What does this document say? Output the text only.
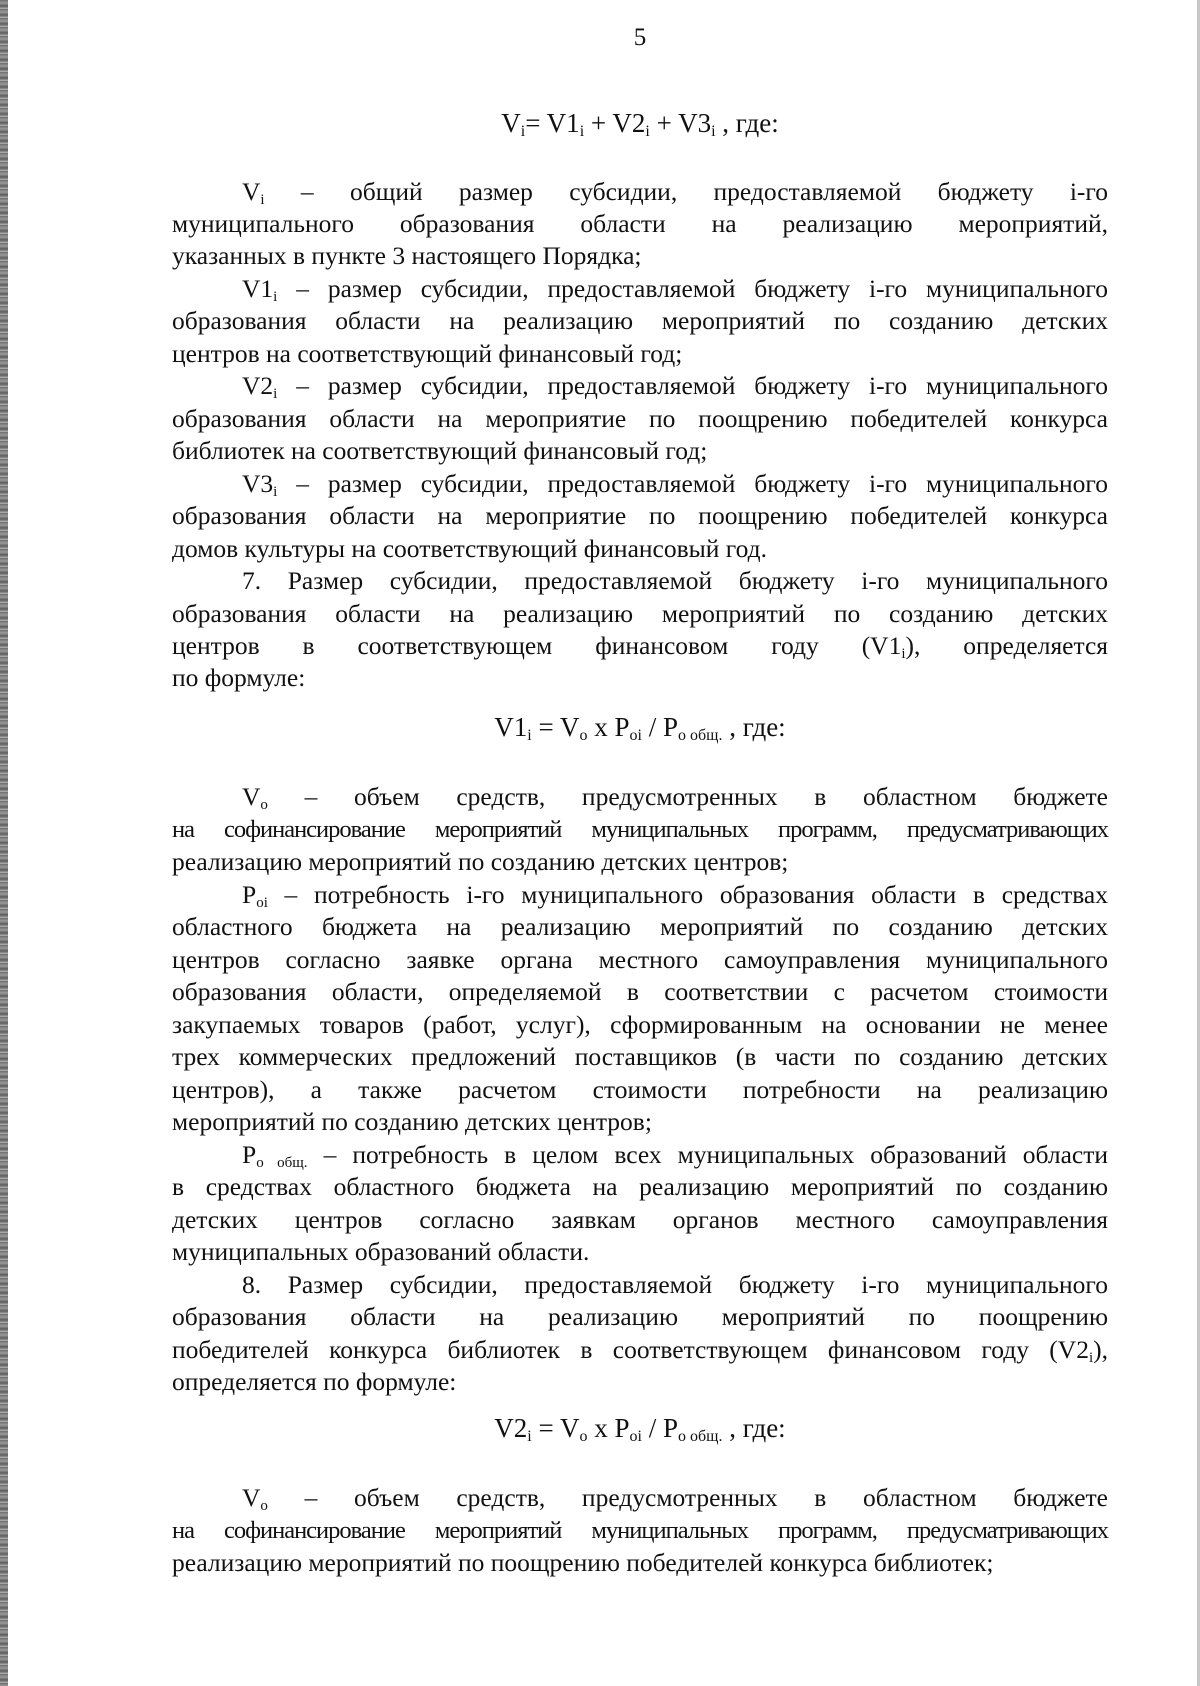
5
$V_i= V1_i + V2_i + V3_i$ , где:
$V_i$ – общий размер субсидии, предоставляемой бюджету i-го
муниципального образования области на реализацию мероприятий,
указанных в пункте 3 настоящего Порядка;
$V1_i$ – размер субсидии, предоставляемой бюджету i-го муниципального
образования области на реализацию мероприятий по созданию детских
центров на соответствующий финансовый год;
$V2_i$ – размер субсидии, предоставляемой бюджету i-го муниципального
образования области на мероприятие по поощрению победителей конкурса
библиотек на соответствующий финансовый год;
$V3_i$ – размер субсидии, предоставляемой бюджету i-го муниципального
образования области на мероприятие по поощрению победителей конкурса
домов культуры на соответствующий финансовый год.
7. Размер субсидии, предоставляемой бюджету i-го муниципального
образования области на реализацию мероприятий по созданию детских
центров в соответствующем финансовом году $(V1_i)$, определяется
по формуле:
$V1_i = V_o$ x $P_{oi} / P_{o общ.}$ , где:
$V_o$ – объем средств, предусмотренных в областном бюджете
на софинансирование мероприятий муниципальных программ, предусматривающих
реализацию мероприятий по созданию детских центров;
$P_{oi}$ – потребность i-го муниципального образования области в средствах
областного бюджета на реализацию мероприятий по созданию детских
центров согласно заявке органа местного самоуправления муниципального
образования области, определяемой в соответствии с расчетом стоимости
закупаемых товаров (работ, услуг), сформированным на основании не менее
трех коммерческих предложений поставщиков (в части по созданию детских
центров), а также расчетом стоимости потребности на реализацию
мероприятий по созданию детских центров;
$P_{o общ.}$ – потребность в целом всех муниципальных образований области
в средствах областного бюджета на реализацию мероприятий по созданию
детских центров согласно заявкам органов местного самоуправления
муниципальных образований области.
8. Размер субсидии, предоставляемой бюджету i-го муниципального
образования области на реализацию мероприятий по поощрению
победителей конкурса библиотек в соответствующем финансовом году $(V2_i)$,
определяется по формуле:
$V2_i = V_o$ x $P_{oi} / P_{o общ.}$ , где:
$V_o$ – объем средств, предусмотренных в областном бюджете
на софинансирование мероприятий муниципальных программ, предусматривающих
реализацию мероприятий по поощрению победителей конкурса библиотек;
